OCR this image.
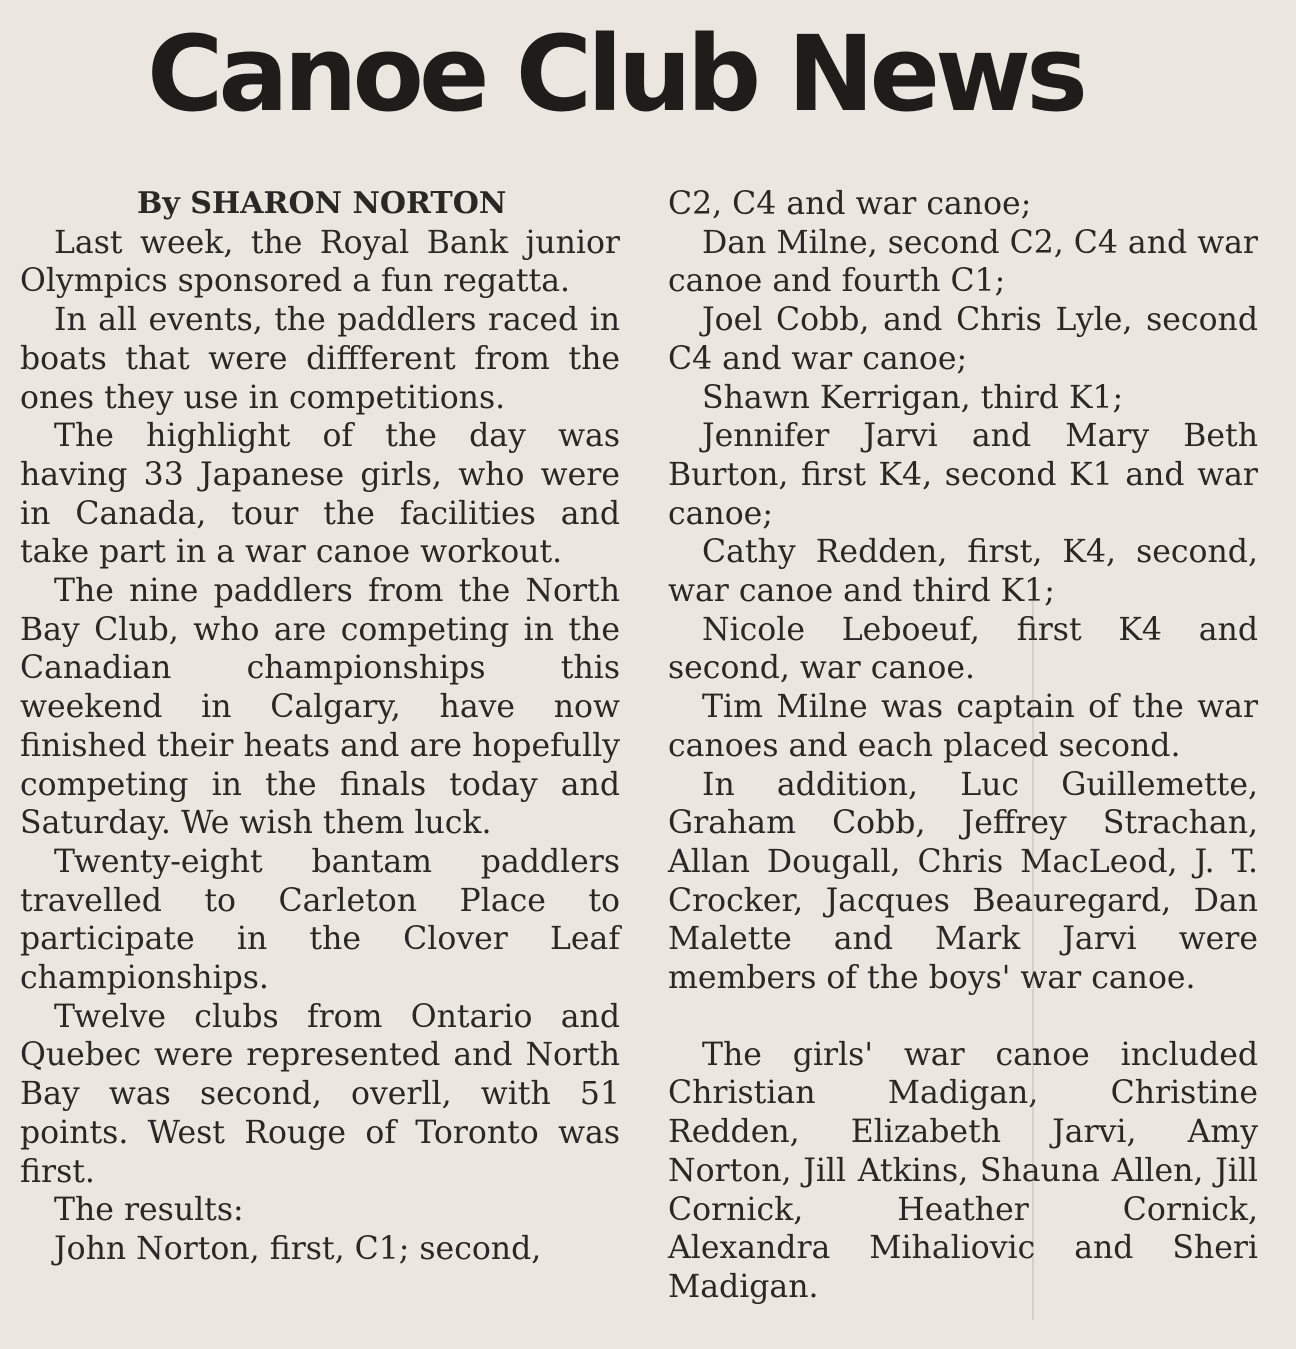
Canoe Club News

By SHARON NORTON

Last week, the Royal Bank junior Olympics sponsored a fun regatta.

In all events, the paddlers raced in boats that were diffferent from the ones they use in competitions.

The highlight of the day was having 33 Japanese girls, who were in Canada, tour the facilities and take part in a war canoe workout.

The nine paddlers from the North Bay Club, who are competing in the Canadian championships this weekend in Calgary, have now finished their heats and are hopefully competing in the finals today and Saturday. We wish them luck.

Twenty-eight bantam paddlers travelled to Carleton Place to participate in the Clover Leaf championships.

Twelve clubs from Ontario and Quebec were represented and North Bay was second, overll, with 51 points. West Rouge of Toronto was first.

The results:

John Norton, first, C1; second,

C2, C4 and war canoe;

Dan Milne, second C2, C4 and war canoe and fourth C1;

Joel Cobb, and Chris Lyle, second C4 and war canoe;

Shawn Kerrigan, third K1;

Jennifer Jarvi and Mary Beth Burton, first K4, second K1 and war canoe;

Cathy Redden, first, K4, second, war canoe and third K1;

Nicole Leboeuf, first K4 and second, war canoe.

Tim Milne was captain of the war canoes and each placed second.

In addition, Luc Guillemette, Graham Cobb, Jeffrey Strachan, Allan Dougall, Chris MacLeod, J. T. Crocker, Jacques Beauregard, Dan Malette and Mark Jarvi were members of the boys' war canoe.

The girls' war canoe included Christian Madigan, Christine Redden, Elizabeth Jarvi, Amy Norton, Jill Atkins, Shauna Allen, Jill Cornick, Heather Cornick, Alexandra Mihaliovic and Sheri Madigan.
